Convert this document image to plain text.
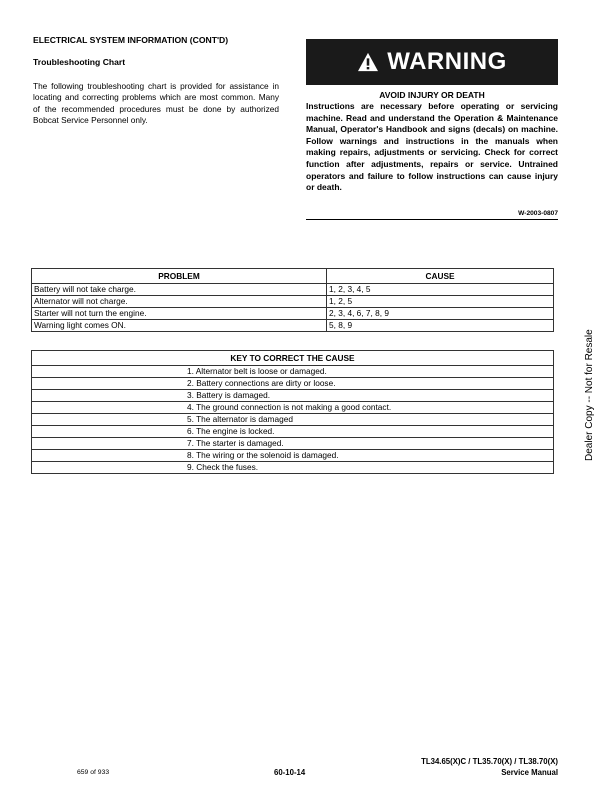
ELECTRICAL SYSTEM INFORMATION (CONT'D)
Troubleshooting Chart
The following troubleshooting chart is provided for assistance in locating and correcting problems which are most common. Many of the recommended procedures must be done by authorized Bobcat Service Personnel only.
WARNING
AVOID INJURY OR DEATH
Instructions are necessary before operating or servicing machine. Read and understand the Operation & Maintenance Manual, Operator's Handbook and signs (decals) on machine. Follow warnings and instructions in the manuals when making repairs, adjustments or servicing. Check for correct function after adjustments, repairs or service. Untrained operators and failure to follow instructions can cause injury or death.
W-2003-0807
PROBLEM	CAUSE
Battery will not take charge.	1, 2, 3, 4, 5
Alternator will not charge.	1, 2, 5
Starter will not turn the engine.	2, 3, 4, 6, 7, 8, 9
Warning light comes ON.	5, 8, 9
KEY TO CORRECT THE CAUSE
1. Alternator belt is loose or damaged.
2. Battery connections are dirty or loose.
3. Battery is damaged.
4. The ground connection is not making a good contact.
5. The alternator is damaged
6. The engine is locked.
7. The starter is damaged.
8. The wiring or the solenoid is damaged.
9. Check the fuses.
Dealer Copy -- Not for Resale
TL34.65(X)C / TL35.70(X) / TL38.70(X)
Service Manual
60-10-14
659 of 933
